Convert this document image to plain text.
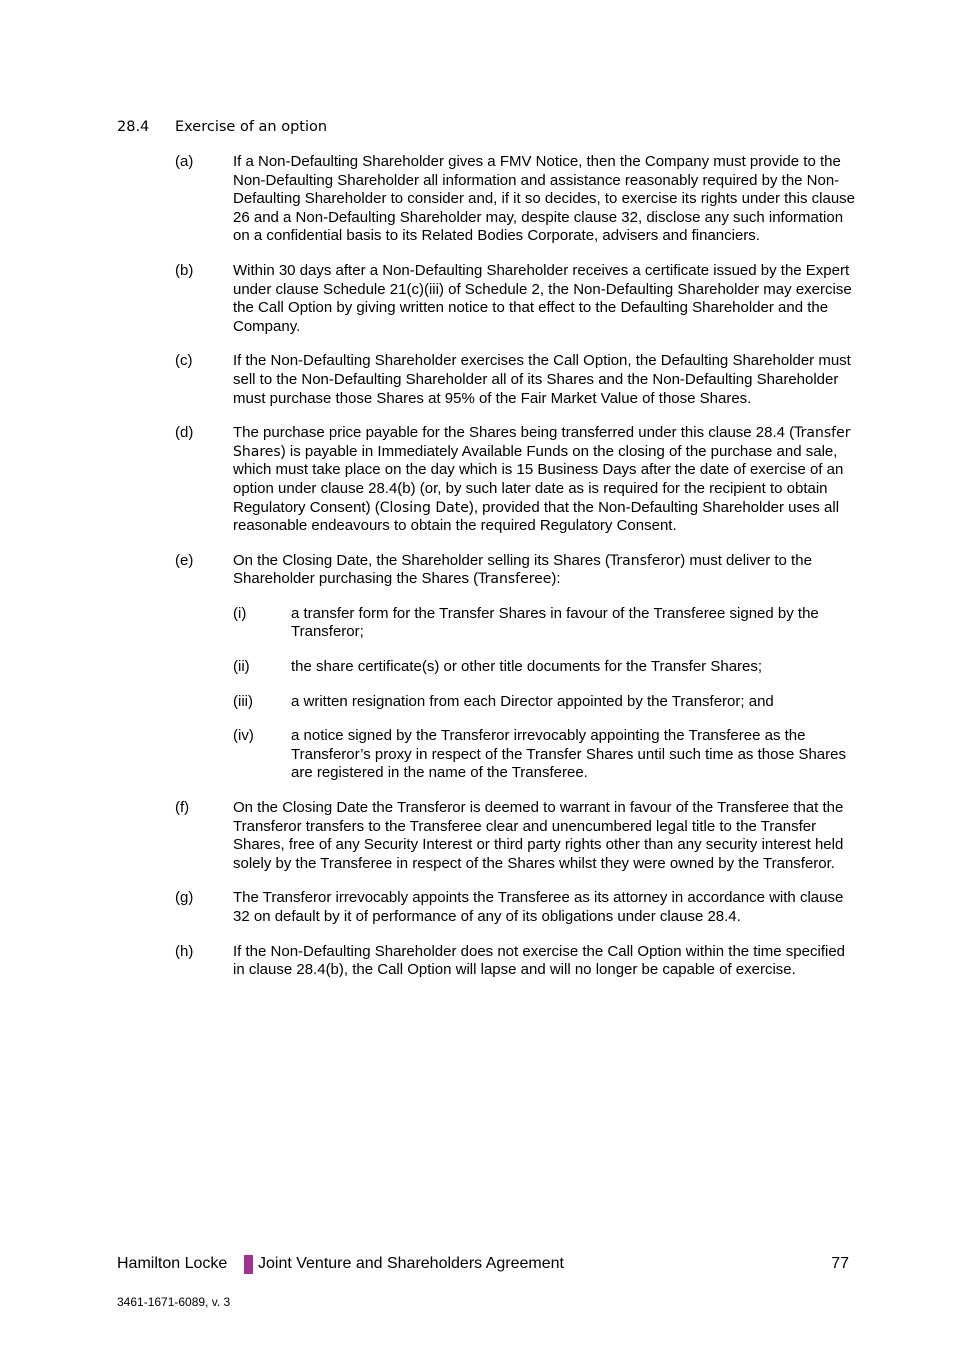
28.4 Exercise of an option
(a)	If a Non-Defaulting Shareholder gives a FMV Notice, then the Company must provide to the Non-Defaulting Shareholder all information and assistance reasonably required by the Non-Defaulting Shareholder to consider and, if it so decides, to exercise its rights under this clause 26 and a Non-Defaulting Shareholder may, despite clause 32, disclose any such information on a confidential basis to its Related Bodies Corporate, advisers and financiers.
(b)	Within 30 days after a Non-Defaulting Shareholder receives a certificate issued by the Expert under clause Schedule 21(c)(iii) of Schedule 2, the Non-Defaulting Shareholder may exercise the Call Option by giving written notice to that effect to the Defaulting Shareholder and the Company.
(c)	If the Non-Defaulting Shareholder exercises the Call Option, the Defaulting Shareholder must sell to the Non-Defaulting Shareholder all of its Shares and the Non-Defaulting Shareholder must purchase those Shares at 95% of the Fair Market Value of those Shares.
(d)	The purchase price payable for the Shares being transferred under this clause 28.4 (Transfer Shares) is payable in Immediately Available Funds on the closing of the purchase and sale, which must take place on the day which is 15 Business Days after the date of exercise of an option under clause 28.4(b) (or, by such later date as is required for the recipient to obtain Regulatory Consent) (Closing Date), provided that the Non-Defaulting Shareholder uses all reasonable endeavours to obtain the required Regulatory Consent.
(e)	On the Closing Date, the Shareholder selling its Shares (Transferor) must deliver to the Shareholder purchasing the Shares (Transferee):
(i)	a transfer form for the Transfer Shares in favour of the Transferee signed by the Transferor;
(ii)	the share certificate(s) or other title documents for the Transfer Shares;
(iii)	a written resignation from each Director appointed by the Transferor; and
(iv) a notice signed by the Transferor irrevocably appointing the Transferee as the Transferor’s proxy in respect of the Transfer Shares until such time as those Shares are registered in the name of the Transferee.
(f)	On the Closing Date the Transferor is deemed to warrant in favour of the Transferee that the Transferor transfers to the Transferee clear and unencumbered legal title to the Transfer Shares, free of any Security Interest or third party rights other than any security interest held solely by the Transferee in respect of the Shares whilst they were owned by the Transferor.
(g)	The Transferor irrevocably appoints the Transferee as its attorney in accordance with clause 32 on default by it of performance of any of its obligations under clause 28.4.
(h)	If the Non-Defaulting Shareholder does not exercise the Call Option within the time specified in clause 28.4(b), the Call Option will lapse and will no longer be capable of exercise.
Hamilton Locke Joint Venture and Shareholders Agreement	77
3461-1671-6089, v. 3
